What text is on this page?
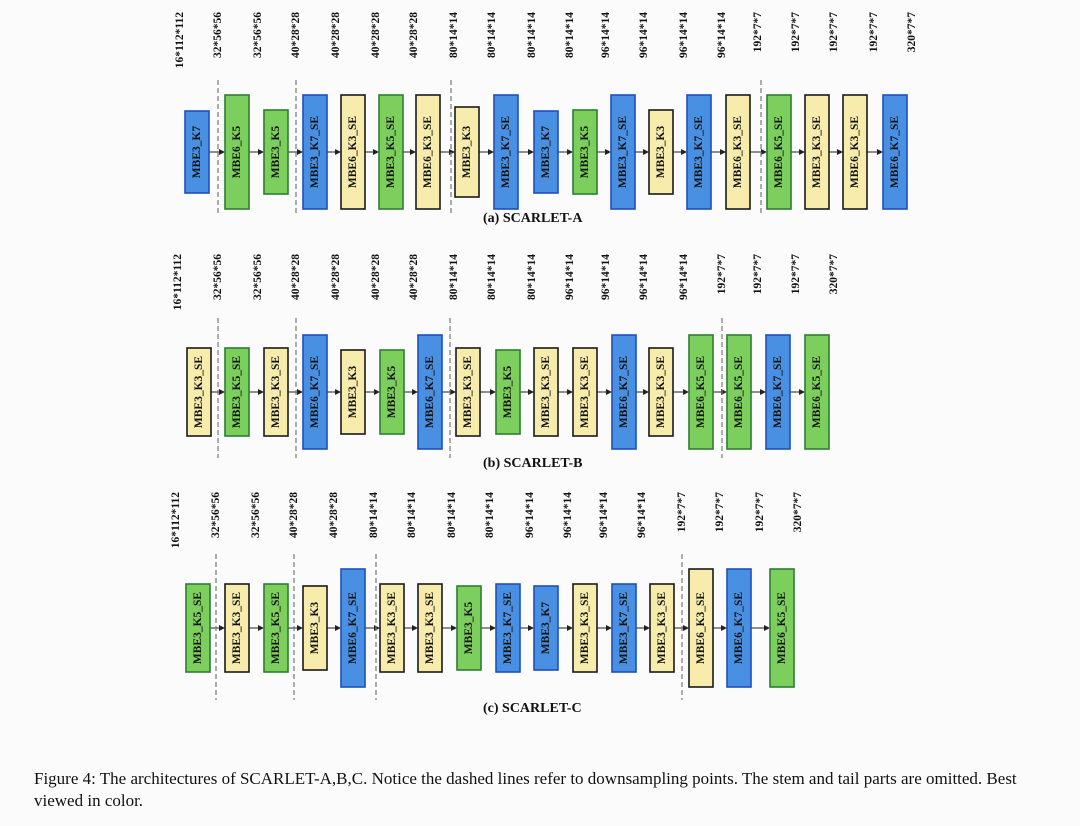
MBE3_K7 MBE6_K5 MBE3_K5 MBE3_K7_SE MBE6_K3_SE MBE3_K5_SE MBE6_K3_SE MBE3_K3 MBE3_K7_SE MBE3_K7 MBE3_K5 MBE3_K7_SE MBE3_K3 MBE3_K7_SE MBE6_K3_SE	MBE6_K5_SE MBE3_K3_SE MBE6_K3_SE MBE6_K7_SE
16*112*112 32*56*56 32*56*56 40*28*28 40*28*28 40*28*28 40*28*28 80*14*14 80*14*14 80*14*14 80*14*14 96*14*14 96*14*14 96*14*14 96*14*14 192*7*7 192*7*7 192*7*7 192*7*7 320*7*7
MBE3_K3_SE MBE3_K5_SE MBE3_K3_SE MBE6_K7_SE MBE3_K3 MBE3_K5 MBE6_K7_SE MBE3_K3_SE MBE3_K5 MBE3_K3_SE MBE3_K3_SE MBE6_K7_SE MBE3_K3_SE MBE6_K5_SE MBE6_K5_SE MBE6_K7_SE MBE6_K5_SE
16*112*112 32*56*56 32*56*56 40*28*28 40*28*28 40*28*28 40*28*28 80*14*14 80*14*14 80*14*14 96*14*14 96*14*14 96*14*14 96*14*14 192*7*7 192*7*7 192*7*7 320*7*7
MBE3_K5_SE MBE3_K3_SE MBE3_K5_SE MBE3_K3 MBE6_K7_SE MBE3_K3_SE MBE3_K3_SE MBE3_K5 MBE3_K7_SE MBE3_K7 MBE3_K3_SE MBE3_K7_SE MBE3_K3_SE MBE6_K3_SE MBE6_K7_SE	MBE6_K5_SE
16*112*112 32*56*56 32*56*56 40*28*28 40*28*28 80*14*14 80*14*14 80*14*14 80*14*14 96*14*14 96*14*14 96*14*14 96*14*14 192*7*7 192*7*7 192*7*7 320*7*7
(a) SCARLET-A
(b) SCARLET-B
(c) SCARLET-C
Figure 4: The architectures of SCARLET-A,B,C. Notice the dashed lines refer to downsampling points. The stem and tail parts are omitted. Best viewed in color.
